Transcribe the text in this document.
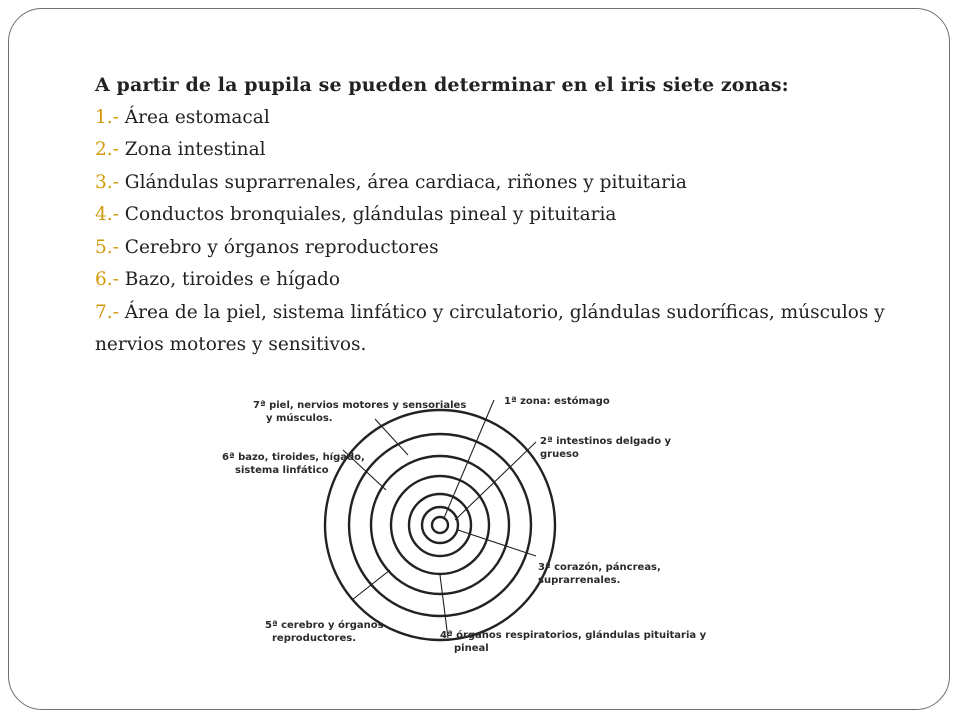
A partir de la pupila se pueden determinar en el iris siete zonas:
1.- Área estomacal
2.- Zona intestinal
3.- Glándulas suprarrenales, área cardiaca, riñones y pituitaria
4.- Conductos bronquiales, glándulas pineal y pituitaria
5.- Cerebro y órganos reproductores
6.- Bazo, tiroides e hígado
7.- Área de la piel, sistema linfático y circulatorio, glándulas sudoríficas, músculos y nervios motores y sensitivos.
1ª zona: estómago
2ª intestinos delgado y grueso
3ª corazón, páncreas, suprarrenales.
4ª órganos respiratorios, glándulas pituitaria y pineal
5ª cerebro y órganos reproductores.
6ª bazo, tiroides, hígado, sistema linfático
7ª piel, nervios motores y sensoriales y músculos.
